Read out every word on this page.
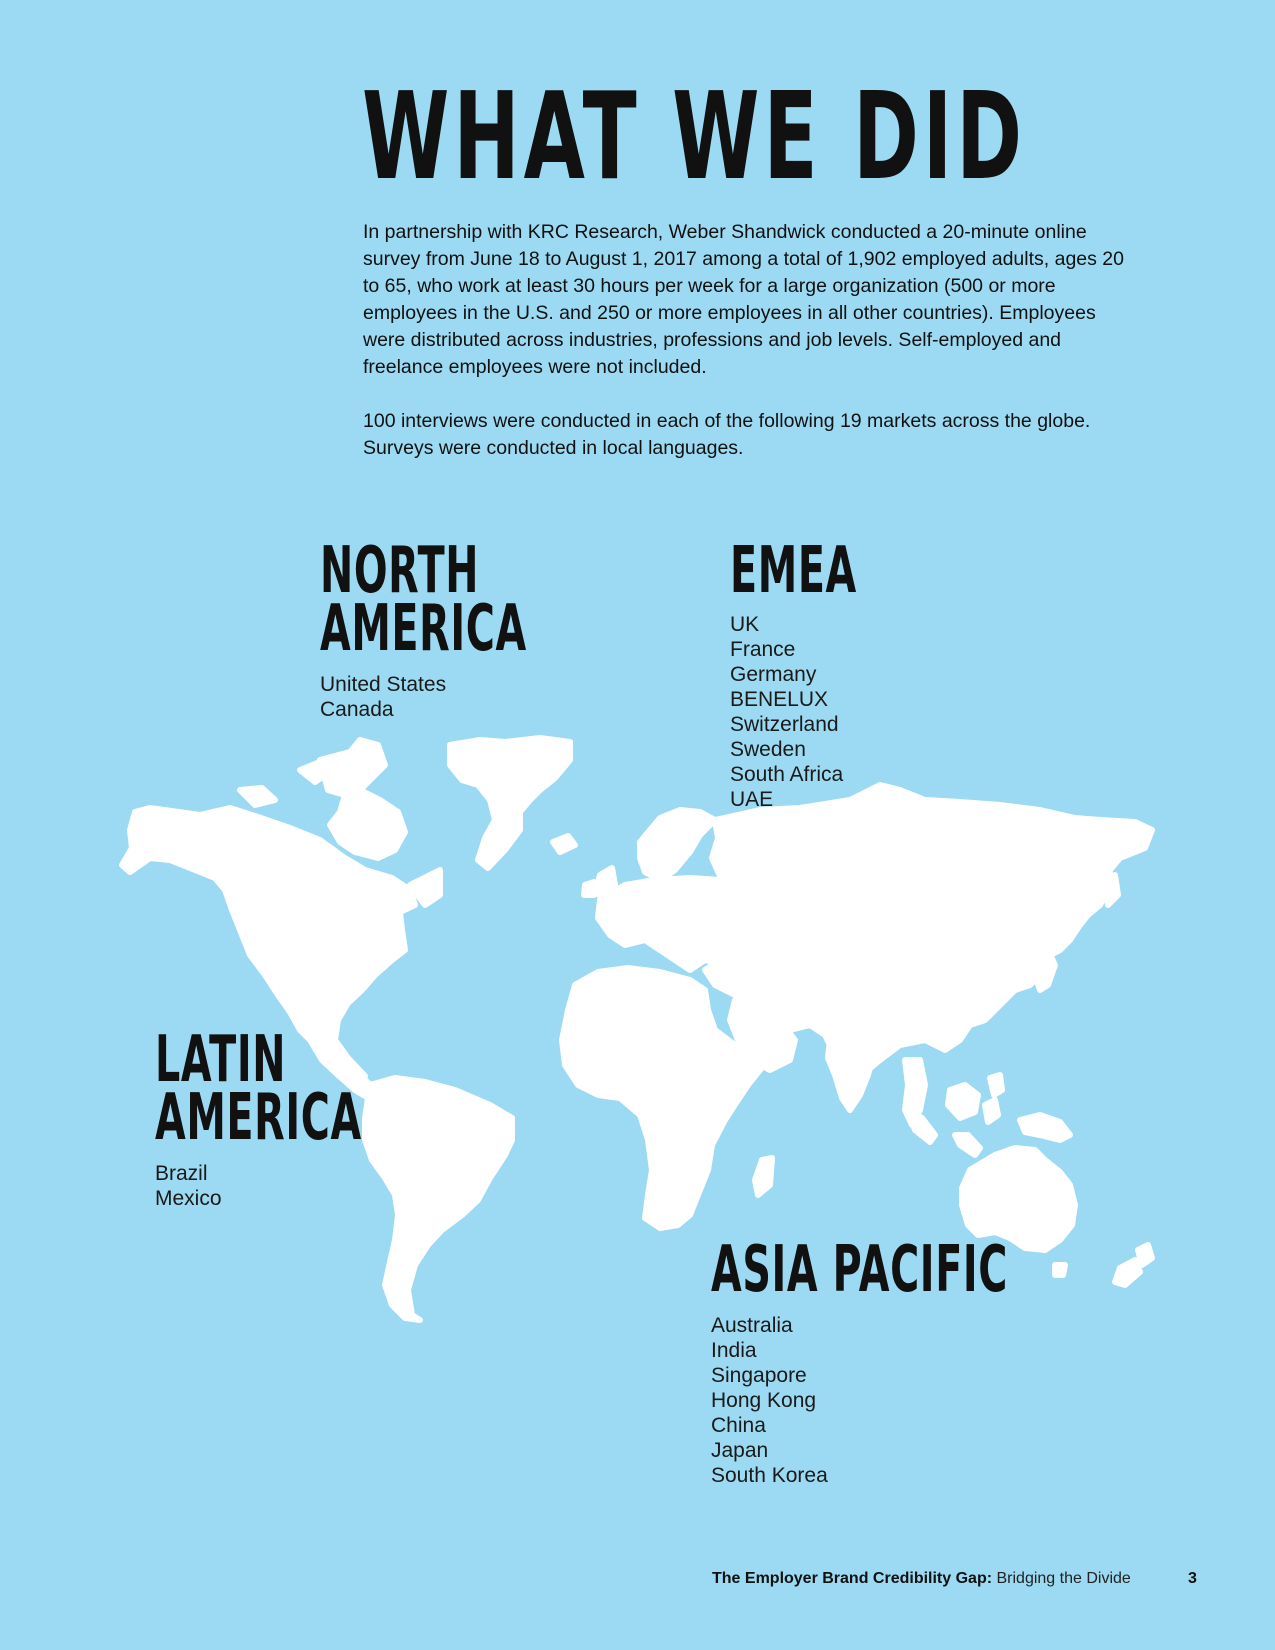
WHAT WE DID

In partnership with KRC Research, Weber Shandwick conducted a 20-minute online survey from June 18 to August 1, 2017 among a total of 1,902 employed adults, ages 20 to 65, who work at least 30 hours per week for a large organization (500 or more employees in the U.S. and 250 or more employees in all other countries). Employees were distributed across industries, professions and job levels. Self-employed and freelance employees were not included.

100 interviews were conducted in each of the following 19 markets across the globe. Surveys were conducted in local languages.

NORTH
AMERICA
United States
Canada
EMEA
UK
France
Germany
BENELUX
Switzerland
Sweden
South Africa
UAE
LATIN
AMERICA
Brazil
Mexico
ASIA PACIFIC
Australia
India
Singapore
Hong Kong
China
Japan
South Korea
The Employer Brand Credibility Gap: Bridging the Divide	3
